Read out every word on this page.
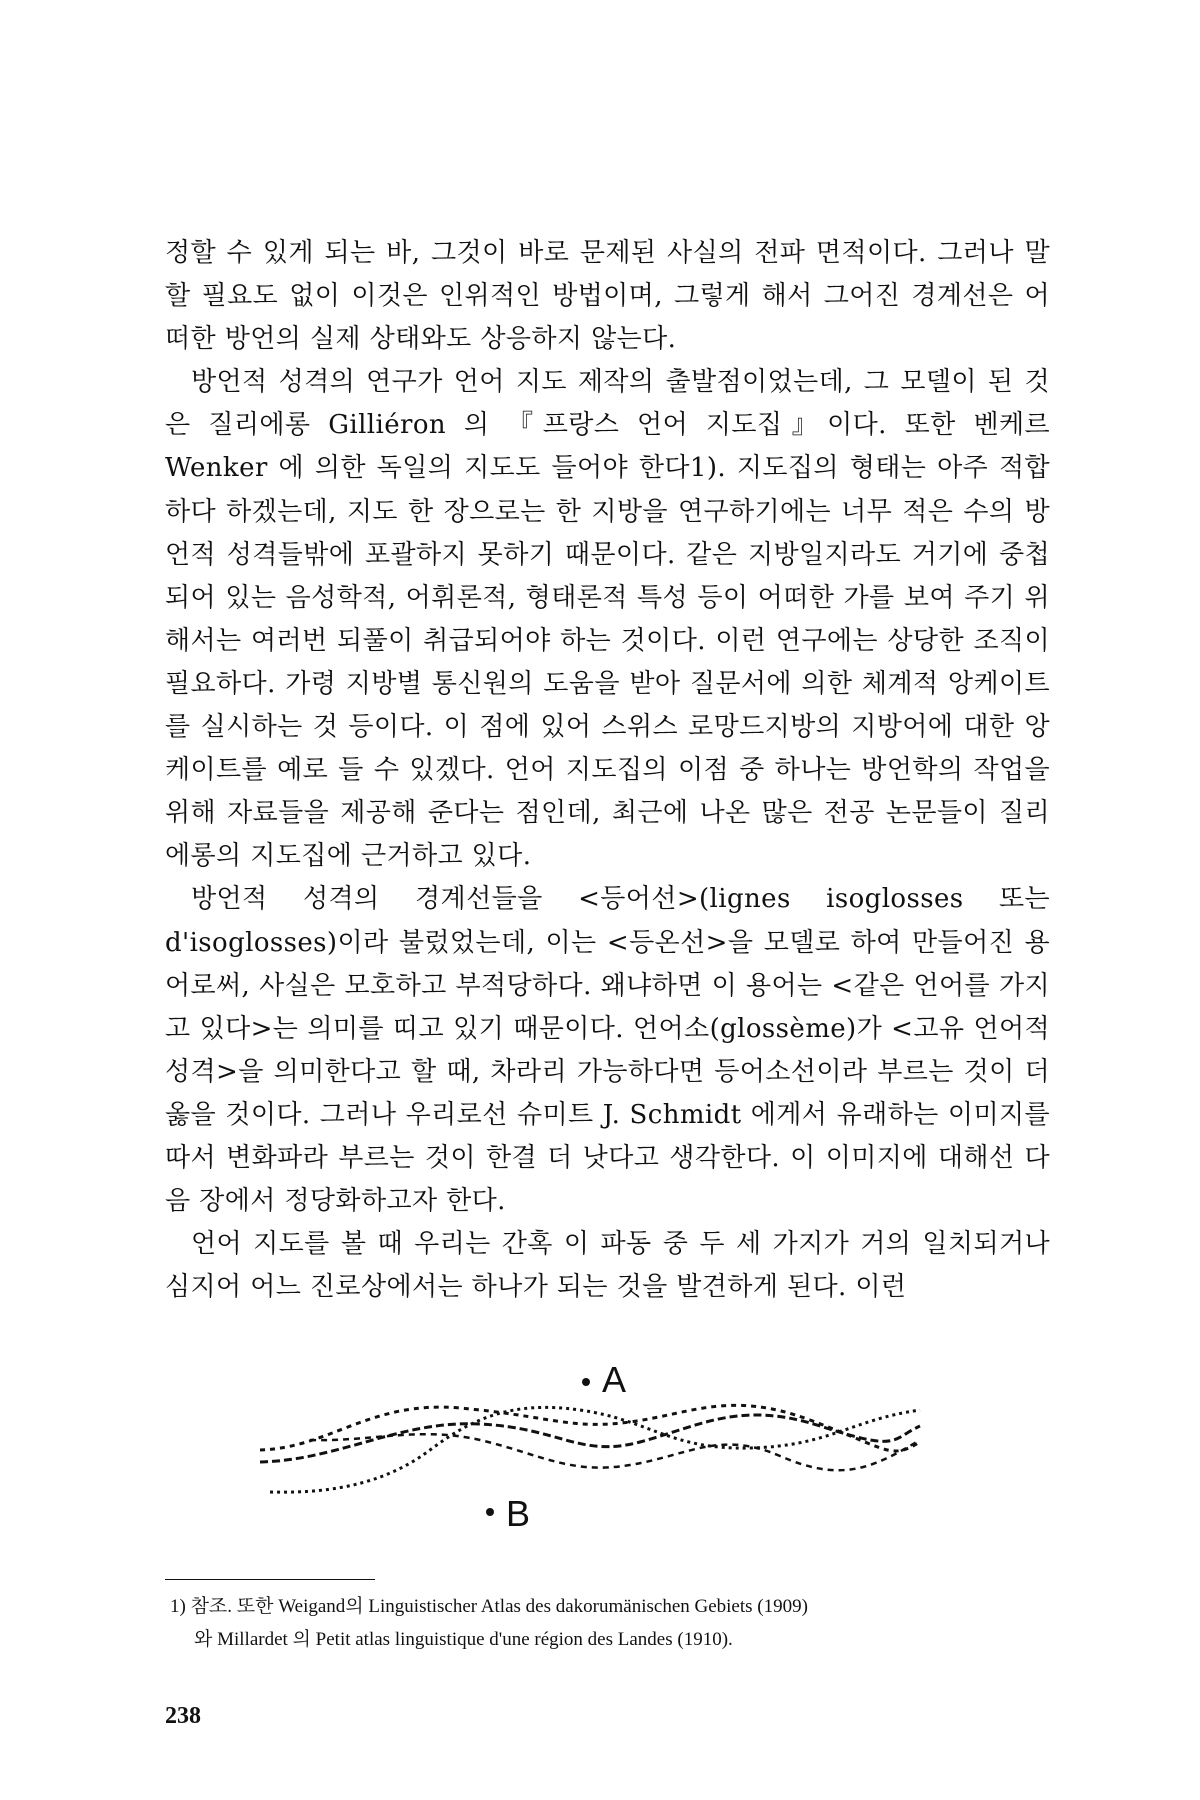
정할 수 있게 되는 바, 그것이 바로 문제된 사실의 전파 면적이다. 그러나 말할 필요도 없이 이것은 인위적인 방법이며, 그렇게 해서 그어진 경계선은 어떠한 방언의 실제 상태와도 상응하지 않는다.

방언적 성격의 연구가 언어 지도 제작의 출발점이었는데, 그 모델이 된 것은 질리에롱 Gilliéron 의 『프랑스 언어 지도집』이다. 또한 벤케르Wenker 에 의한 독일의 지도도 들어야 한다1). 지도집의 형태는 아주 적합하다 하겠는데, 지도 한 장으로는 한 지방을 연구하기에는 너무 적은 수의 방언적 성격들밖에 포괄하지 못하기 때문이다. 같은 지방일지라도 거기에 중첩되어 있는 음성학적, 어휘론적, 형태론적 특성 등이 어떠한 가를 보여 주기 위해서는 여러번 되풀이 취급되어야 하는 것이다. 이런 연구에는 상당한 조직이 필요하다. 가령 지방별 통신원의 도움을 받아 질문서에 의한 체계적 앙케이트를 실시하는 것 등이다. 이 점에 있어 스위스 로망드지방의 지방어에 대한 앙케이트를 예로 들 수 있겠다. 언어 지도집의 이점 중 하나는 방언학의 작업을 위해 자료들을 제공해 준다는 점인데, 최근에 나온 많은 전공 논문들이 질리에롱의 지도집에 근거하고 있다.

방언적 성격의 경계선들을 <등어선>(lignes isoglosses 또는 d'isoglosses)이라 불렀었는데, 이는 <등온선>을 모델로 하여 만들어진 용어로써, 사실은 모호하고 부적당하다. 왜냐하면 이 용어는 <같은 언어를 가지고 있다>는 의미를 띠고 있기 때문이다. 언어소(glossème)가 <고유 언어적 성격>을 의미한다고 할 때, 차라리 가능하다면 등어소선이라 부르는 것이 더 옳을 것이다. 그러나 우리로선 슈미트 J. Schmidt 에게서 유래하는 이미지를 따서 변화파라 부르는 것이 한결 더 낫다고 생각한다. 이 이미지에 대해선 다음 장에서 정당화하고자 한다.

언어 지도를 볼 때 우리는 간혹 이 파동 중 두 세 가지가 거의 일치되거나 심지어 어느 진로상에서는 하나가 되는 것을 발견하게 된다. 이런

A
B
1) 참조. 또한 Weigand의 Linguistischer Atlas des dakorumänischen Gebiets (1909)
와 Millardet 의 Petit atlas linguistique d'une région des Landes (1910).
238
